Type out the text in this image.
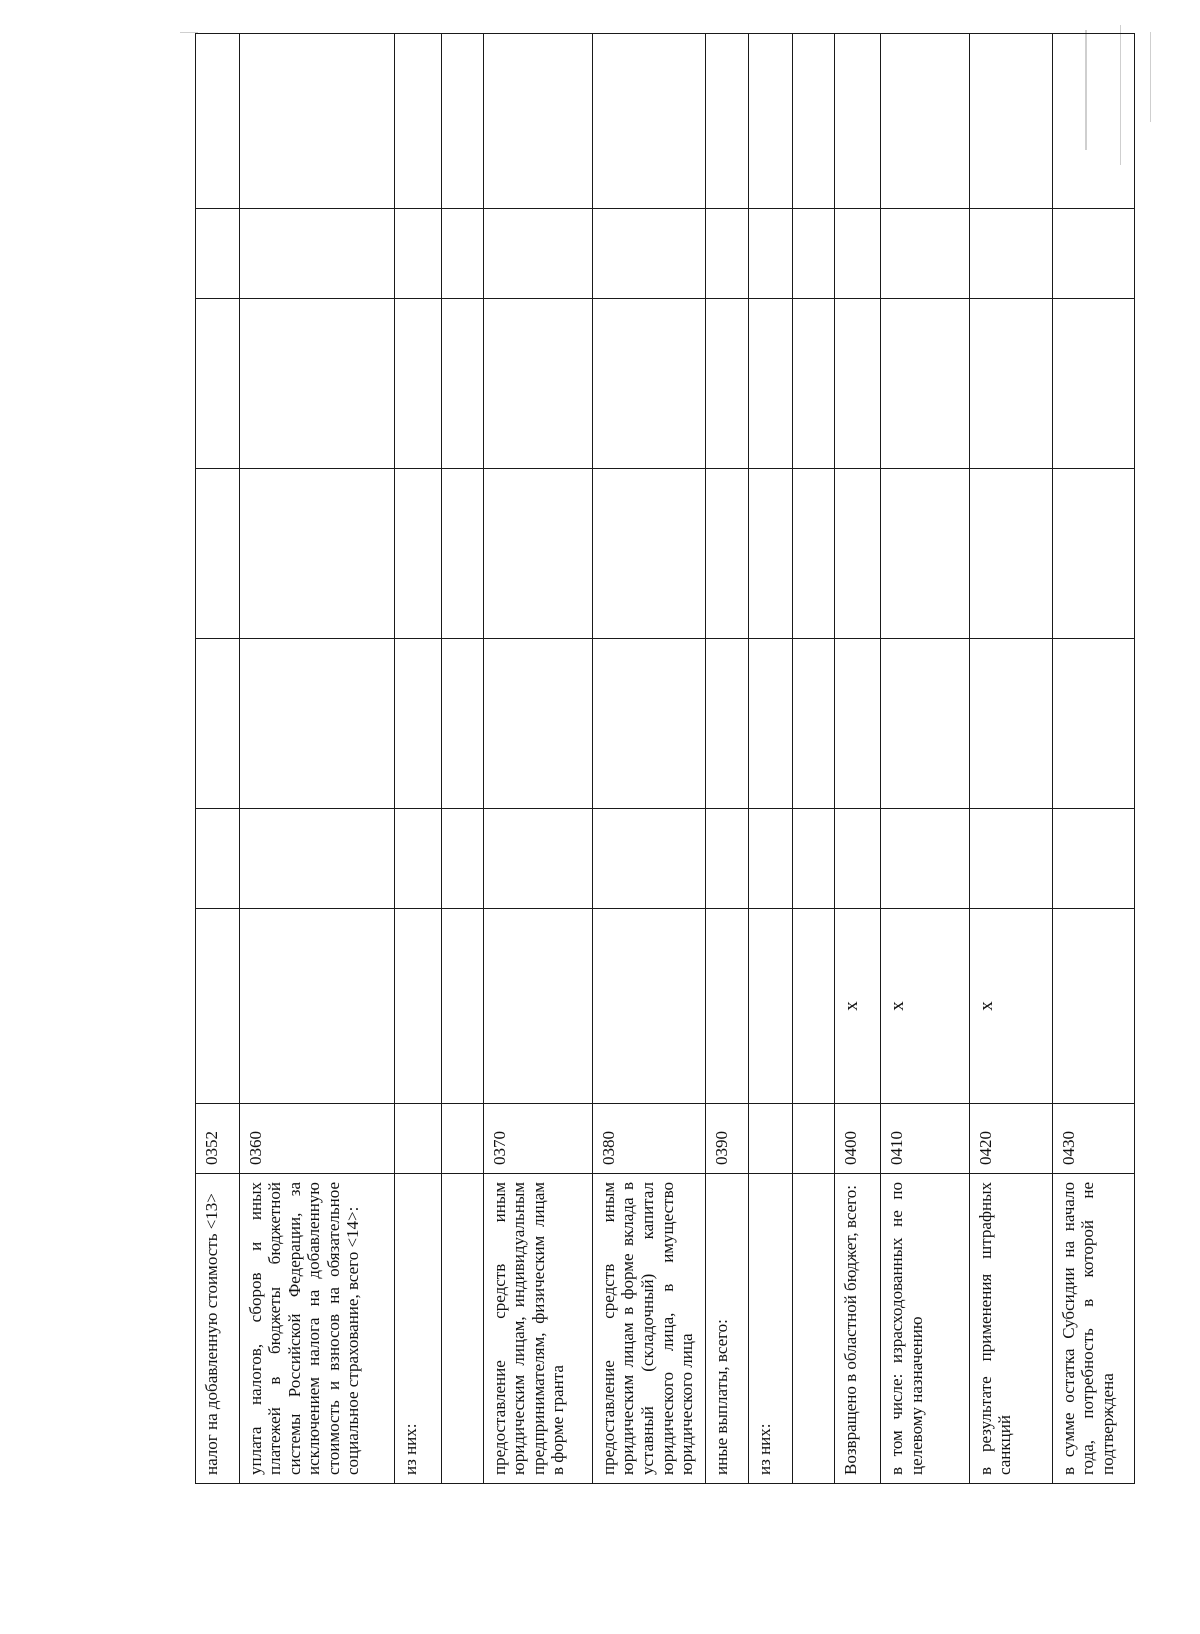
налог на добавленную стоимость <13>	0352							
уплата налогов, сборов и иных платежей в бюджеты бюджетной системы Российской Федерации, за исключением налога на добавленную стоимость и взносов на обязательное социальное страхование, всего <14>:	0360							
из них:								

предоставление средств иным юридическим лицам, индивидуальным предпринимателям, физическим лицам в форме гранта	0370							
предоставление средств иным юридическим лицам в форме вклада в уставный (складочный) капитал юридического лица, в имущество юридического лица	0380							
иные выплаты, всего:	0390							
из них:								

Возвращено в областной бюджет, всего:	0400	x						
в том числе: израсходованных не по целевому назначению	0410	x						
в результате применения штрафных санкций	0420	x						
в сумме остатка Субсидии на начало года, потребность в которой не подтверждена	0430							
